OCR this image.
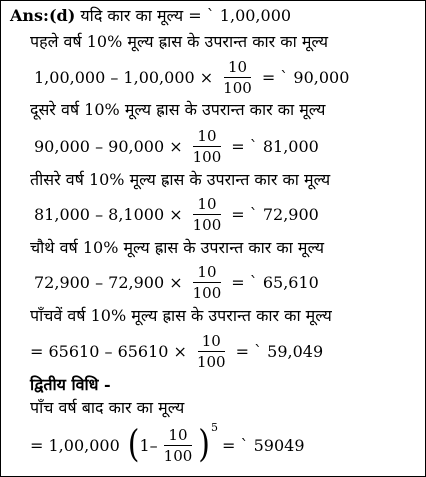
Ans:(d) यदि कार का मूल्य = ` 1,00,000
पहले वर्ष 10% मूल्य ह्रास के उपरान्त कार का मूल्य
$1,00,000 - 1,00,000 \times \frac{10}{100}$ = ` 90,000
दूसरे वर्ष 10% मूल्य ह्रास के उपरान्त कार का मूल्य
$90,000 - 90,000 \times \frac{10}{100}$ = ` 81,000
तीसरे वर्ष 10% मूल्य ह्रास के उपरान्त कार का मूल्य
$81,000 - 8,1000 \times \frac{10}{100}$ = ` 72,900
चौथे वर्ष 10% मूल्य ह्रास के उपरान्त कार का मूल्य
$72,900 - 72,900 \times \frac{10}{100}$ = ` 65,610
पाँचवें वर्ष 10% मूल्य ह्रास के उपरान्त कार का मूल्य
= $65610 - 65610 \times \frac{10}{100}$ = ` 59,049
द्वितीय विधि -
पाँच वर्ष बाद कार का मूल्य
= 1,00,000 ( $1- \frac{10}{100}$ ) 5
= ` 59049
